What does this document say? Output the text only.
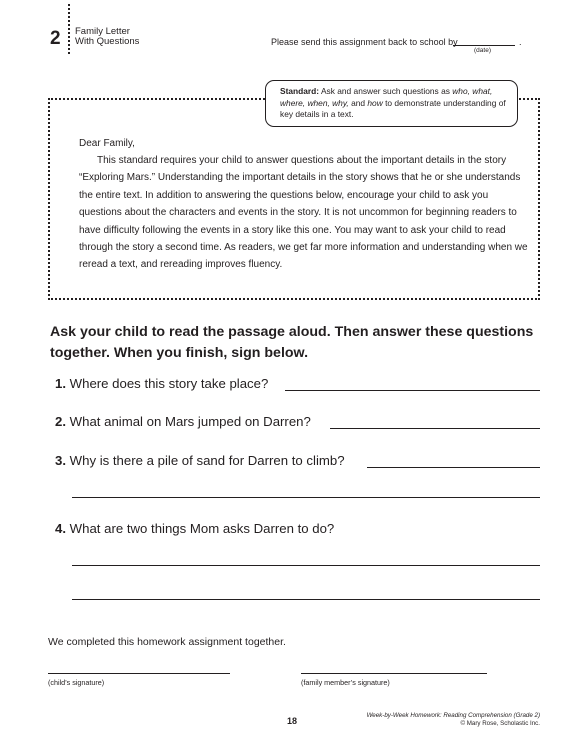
2 Family Letter
With Questions	Please send this assignment back to school by	.
(date)
Standard: Ask and answer such questions as who, what, where, when, why, and how to demonstrate understanding of key details in a text.
Dear Family,
This standard requires your child to answer questions about the important details in the story “Exploring Mars.” Understanding the important details in the story shows that he or she understands the entire text. In addition to answering the questions below, encourage your child to ask you questions about the characters and events in the story. It is not uncommon for beginning readers to have difficulty following the events in a story like this one. You may want to ask your child to read through the story a second time. As readers, we get far more information and understanding when we reread a text, and rereading improves fluency.
Ask your child to read the passage aloud. Then answer these questions together. When you finish, sign below.
1. Where does this story take place?
2. What animal on Mars jumped on Darren?
3. Why is there a pile of sand for Darren to climb?
4. What are two things Mom asks Darren to do?
We completed this homework assignment together.
(child’s signature)	(family member’s signature)
18
Week-by-Week Homework: Reading Comprehension (Grade 2)
© Mary Rose, Scholastic Inc.
